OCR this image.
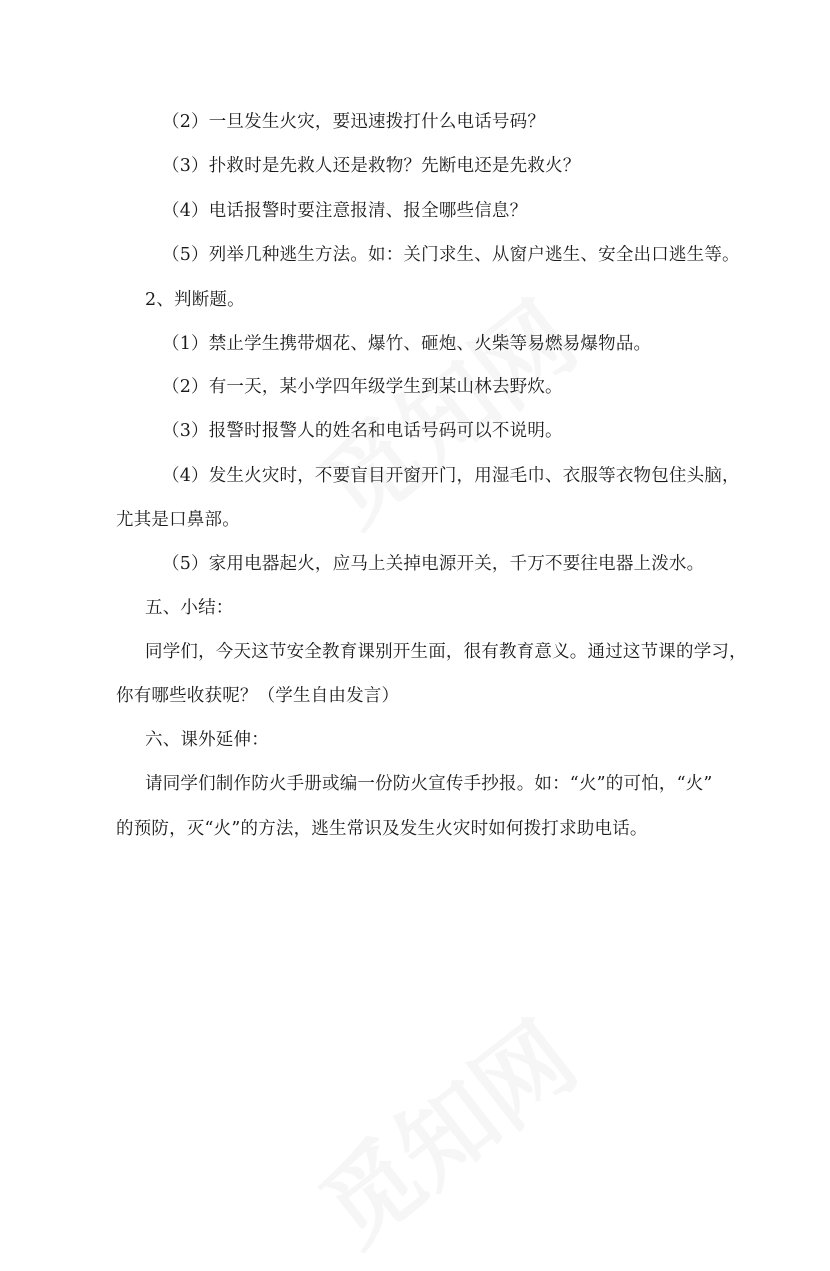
（2）一旦发生火灾，要迅速拨打什么电话号码？
（3）扑救时是先救人还是救物？先断电还是先救火？
（4）电话报警时要注意报清、报全哪些信息？
（5）列举几种逃生方法。如：关门求生、从窗户逃生、安全出口逃生等。
2、判断题。
（1）禁止学生携带烟花、爆竹、砸炮、火柴等易燃易爆物品。
（2）有一天，某小学四年级学生到某山林去野炊。
（3）报警时报警人的姓名和电话号码可以不说明。
（4）发生火灾时，不要盲目开窗开门，用湿毛巾、衣服等衣物包住头脑，
尤其是口鼻部。
（5）家用电器起火，应马上关掉电源开关，千万不要往电器上泼水。
五、小结：
同学们，今天这节安全教育课别开生面，很有教育意义。通过这节课的学习，
你有哪些收获呢？（学生自由发言）
六、课外延伸：
请同学们制作防火手册或编一份防火宣传手抄报。如：“火”的可怕，“火”
的预防，灭“火”的方法，逃生常识及发生火灾时如何拨打求助电话。
